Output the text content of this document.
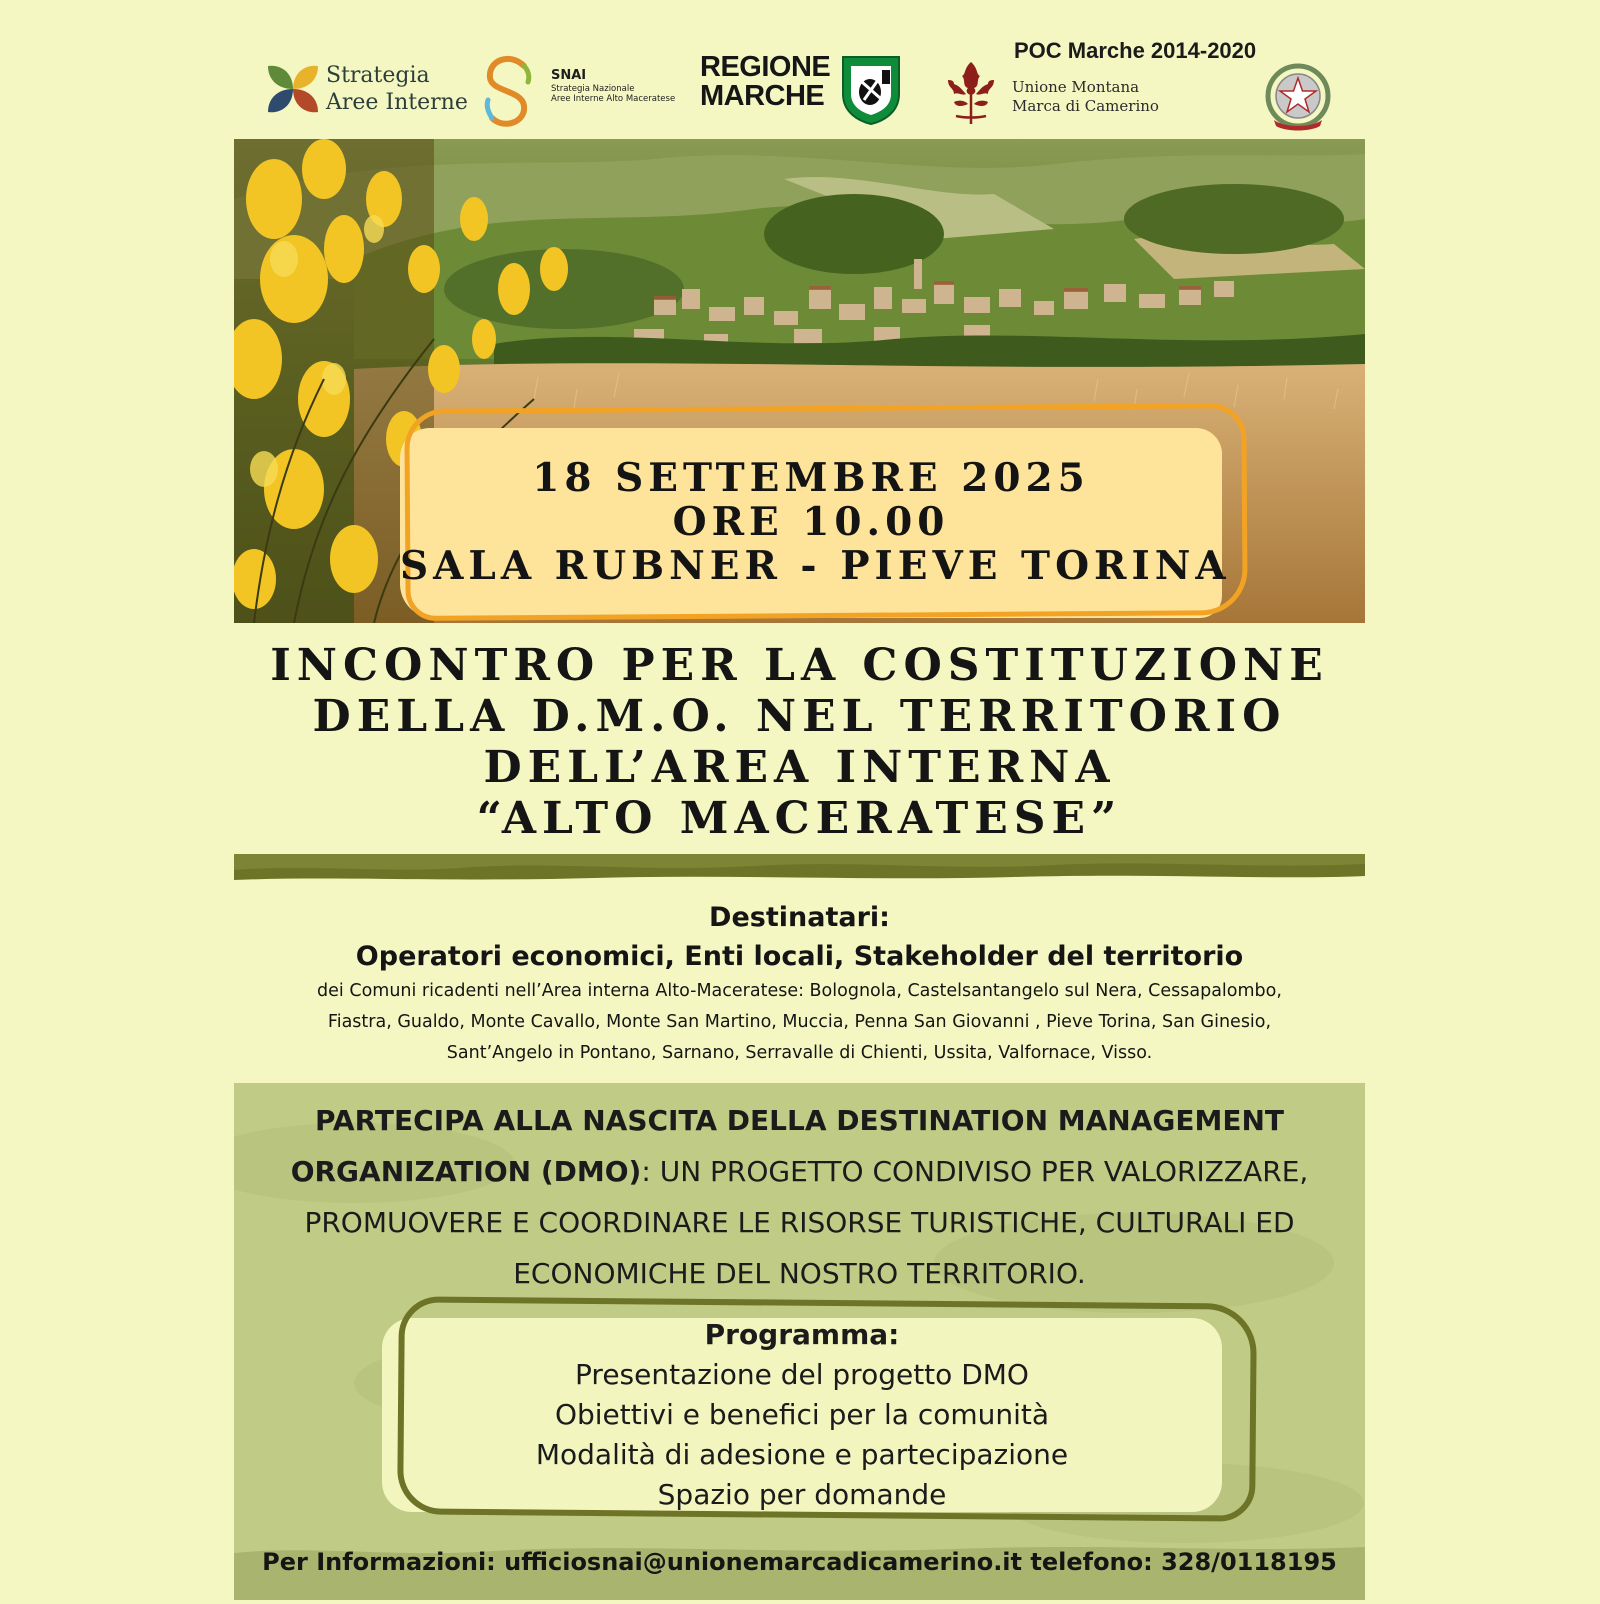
Strategia
Aree Interne
SNAI
Strategia Nazionale
Aree Interne Alto Maceratese
REGIONE
MARCHE
POC Marche 2014-2020
Unione Montana
Marca di Camerino
18 SETTEMBRE 2025
ORE 10.00
SALA RUBNER - PIEVE TORINA
INCONTRO PER LA COSTITUZIONE
DELLA D.M.O. NEL TERRITORIO
DELL’AREA INTERNA
“ALTO MACERATESE”
Destinatari:
Operatori economici, Enti locali, Stakeholder del territorio
dei Comuni ricadenti nell’Area interna Alto-Maceratese: Bolognola, Castelsantangelo sul Nera, Cessapalombo,
Fiastra, Gualdo, Monte Cavallo, Monte San Martino, Muccia, Penna San Giovanni , Pieve Torina, San Ginesio,
Sant’Angelo in Pontano, Sarnano, Serravalle di Chienti, Ussita, Valfornace, Visso.
PARTECIPA ALLA NASCITA DELLA DESTINATION MANAGEMENT
ORGANIZATION (DMO): UN PROGETTO CONDIVISO PER VALORIZZARE,
PROMUOVERE E COORDINARE LE RISORSE TURISTICHE, CULTURALI ED
ECONOMICHE DEL NOSTRO TERRITORIO.
Programma:
Presentazione del progetto DMO
Obiettivi e benefici per la comunità
Modalità di adesione e partecipazione
Spazio per domande
Per Informazioni: ufficiosnai@unionemarcadicamerino.it telefono: 328/0118195
